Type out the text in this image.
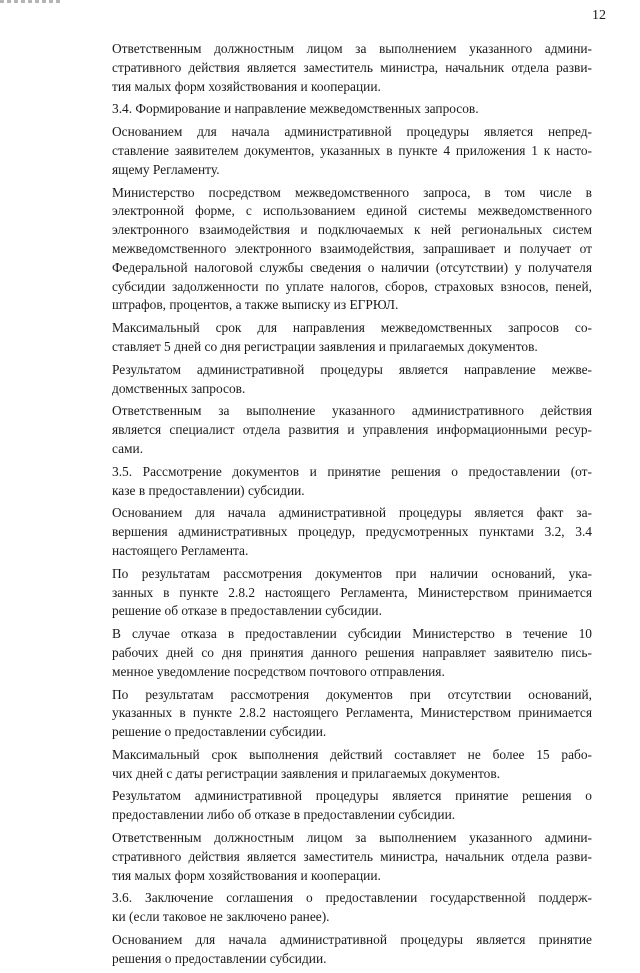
12

Ответственным должностным лицом за выполнением указанного админи-
стративного действия является заместитель министра, начальник отдела разви-
тия малых форм хозяйствования и кооперации.

3.4. Формирование и направление межведомственных запросов.

Основанием для начала административной процедуры является непред-
ставление заявителем документов, указанных в пункте 4 приложения 1 к насто-
ящему Регламенту.

Министерство посредством межведомственного запроса, в том числе в
электронной форме, с использованием единой системы межведомственного
электронного взаимодействия и подключаемых к ней региональных систем
межведомственного электронного взаимодействия, запрашивает и получает от
Федеральной налоговой службы сведения о наличии (отсутствии) у получателя
субсидии задолженности по уплате налогов, сборов, страховых взносов, пеней,
штрафов, процентов, а также выписку из ЕГРЮЛ.

Максимальный срок для направления межведомственных запросов со-
ставляет 5 дней со дня регистрации заявления и прилагаемых документов.

Результатом административной процедуры является направление межве-
домственных запросов.

Ответственным за выполнение указанного административного действия
является специалист отдела развития и управления информационными ресур-
сами.

3.5. Рассмотрение документов и принятие решения о предоставлении (от-
казе в предоставлении) субсидии.

Основанием для начала административной процедуры является факт за-
вершения административных процедур, предусмотренных пунктами 3.2, 3.4
настоящего Регламента.

По результатам рассмотрения документов при наличии оснований, ука-
занных в пункте 2.8.2 настоящего Регламента, Министерством принимается
решение об отказе в предоставлении субсидии.

В случае отказа в предоставлении субсидии Министерство в течение 10
рабочих дней со дня принятия данного решения направляет заявителю пись-
менное уведомление посредством почтового отправления.

По результатам рассмотрения документов при отсутствии оснований,
указанных в пункте 2.8.2 настоящего Регламента, Министерством принимается
решение о предоставлении субсидии.

Максимальный срок выполнения действий составляет не более 15 рабо-
чих дней с даты регистрации заявления и прилагаемых документов.

Результатом административной процедуры является принятие решения о
предоставлении либо об отказе в предоставлении субсидии.

Ответственным должностным лицом за выполнением указанного админи-
стративного действия является заместитель министра, начальник отдела разви-
тия малых форм хозяйствования и кооперации.

3.6. Заключение соглашения о предоставлении государственной поддерж-
ки (если таковое не заключено ранее).

Основанием для начала административной процедуры является принятие
решения о предоставлении субсидии.
